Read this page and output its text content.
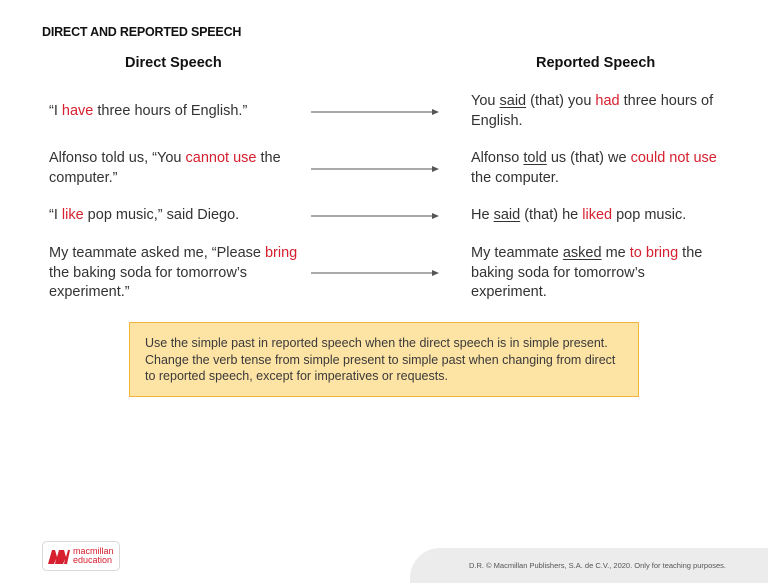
DIRECT AND REPORTED SPEECH
Direct Speech	Reported Speech
“I have three hours of English.”
You said (that) you had three hours of English.
Alfonso told us, “You cannot use the computer.”
Alfonso told us (that) we could not use the computer.
“I like pop music,” said Diego.	He said (that) he liked pop music.
My teammate asked me, “Please bring the baking soda for tomorrow’s experiment.”
My teammate asked me to bring the baking soda for tomorrow’s experiment.
Use the simple past in reported speech when the direct speech is in simple present. Change the verb tense from simple present to simple past when changing from direct to reported speech, except for imperatives or requests.
macmillan
education
D.R. © Macmillan Publishers, S.A. de C.V., 2020. Only for teaching purposes.
